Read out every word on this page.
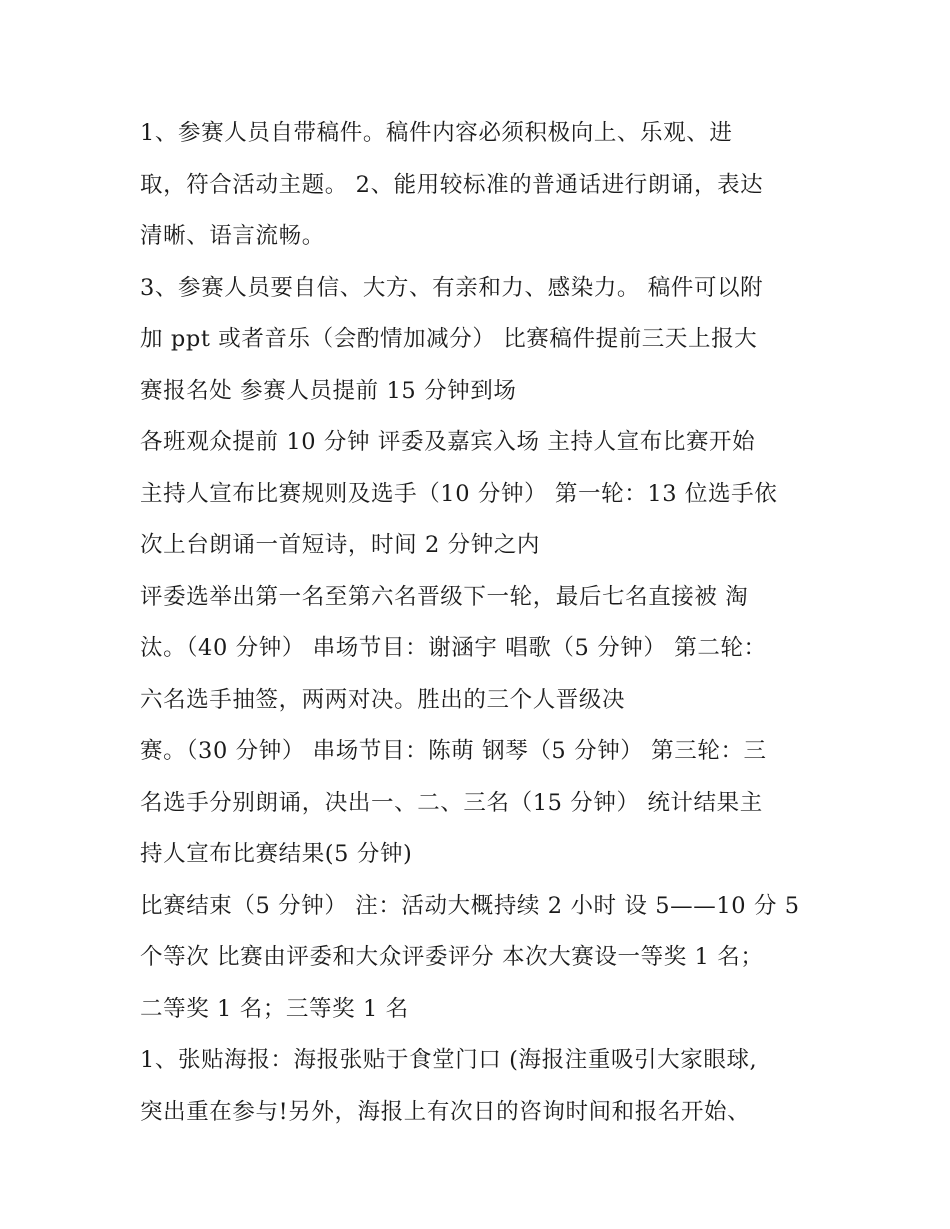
1、参赛人员自带稿件。稿件内容必须积极向上、乐观、进
取，符合活动主题。 2、能用较标准的普通话进行朗诵，表达
清晰、语言流畅。
3、参赛人员要自信、大方、有亲和力、感染力。 稿件可以附
加 ppt 或者音乐（会酌情加减分） 比赛稿件提前三天上报大
赛报名处 参赛人员提前 15 分钟到场
各班观众提前 10 分钟 评委及嘉宾入场 主持人宣布比赛开始
主持人宣布比赛规则及选手（10 分钟） 第一轮：13 位选手依
次上台朗诵一首短诗，时间 2 分钟之内
评委选举出第一名至第六名晋级下一轮，最后七名直接被 淘
汰。（40 分钟） 串场节目：谢涵宇 唱歌（5 分钟） 第二轮：
六名选手抽签，两两对决。胜出的三个人晋级决
赛。（30 分钟） 串场节目：陈萌 钢琴（5 分钟） 第三轮：三
名选手分别朗诵，决出一、二、三名（15 分钟） 统计结果主
持人宣布比赛结果(5 分钟)
比赛结束（5 分钟） 注：活动大概持续 2 小时 设 5——10 分 5
个等次 比赛由评委和大众评委评分 本次大赛设一等奖 1 名；
二等奖 1 名；三等奖 1 名
1、张贴海报：海报张贴于食堂门口 (海报注重吸引大家眼球,
突出重在参与!另外，海报上有次日的咨询时间和报名开始、
